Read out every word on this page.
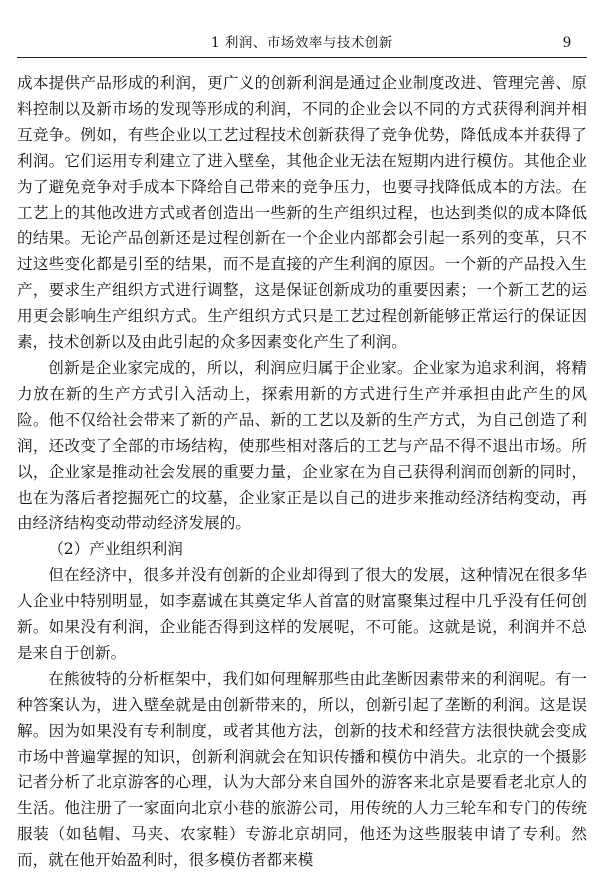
1 利润、市场效率与技术创新	9

成本提供产品形成的利润，更广义的创新利润是通过企业制度改进、管理完善、原料控制以及新市场的发现等形成的利润，不同的企业会以不同的方式获得利润并相互竞争。例如，有些企业以工艺过程技术创新获得了竞争优势，降低成本并获得了利润。它们运用专利建立了进入壁垒，其他企业无法在短期内进行模仿。其他企业为了避免竞争对手成本下降给自己带来的竞争压力，也要寻找降低成本的方法。在工艺上的其他改进方式或者创造出一些新的生产组织过程，也达到类似的成本降低的结果。无论产品创新还是过程创新在一个企业内部都会引起一系列的变革，只不过这些变化都是引至的结果，而不是直接的产生利润的原因。一个新的产品投入生产，要求生产组织方式进行调整，这是保证创新成功的重要因素；一个新工艺的运用更会影响生产组织方式。生产组织方式只是工艺过程创新能够正常运行的保证因素，技术创新以及由此引起的众多因素变化产生了利润。

创新是企业家完成的，所以，利润应归属于企业家。企业家为追求利润，将精力放在新的生产方式引入活动上，探索用新的方式进行生产并承担由此产生的风险。他不仅给社会带来了新的产品、新的工艺以及新的生产方式，为自己创造了利润，还改变了全部的市场结构，使那些相对落后的工艺与产品不得不退出市场。所以，企业家是推动社会发展的重要力量，企业家在为自己获得利润而创新的同时，也在为落后者挖掘死亡的坟墓，企业家正是以自己的进步来推动经济结构变动，再由经济结构变动带动经济发展的。

（2）产业组织利润

但在经济中，很多并没有创新的企业却得到了很大的发展，这种情况在很多华人企业中特别明显，如李嘉诚在其奠定华人首富的财富聚集过程中几乎没有任何创新。如果没有利润，企业能否得到这样的发展呢，不可能。这就是说，利润并不总是来自于创新。

在熊彼特的分析框架中，我们如何理解那些由此垄断因素带来的利润呢。有一种答案认为，进入壁垒就是由创新带来的，所以，创新引起了垄断的利润。这是误解。因为如果没有专利制度，或者其他方法，创新的技术和经营方法很快就会变成市场中普遍掌握的知识，创新利润就会在知识传播和模仿中消失。北京的一个摄影记者分析了北京游客的心理，认为大部分来自国外的游客来北京是要看老北京人的生活。他注册了一家面向北京小巷的旅游公司，用传统的人力三轮车和专门的传统服装（如毡帽、马夹、农家鞋）专游北京胡同，他还为这些服装申请了专利。然而，就在他开始盈利时，很多模仿者都来模
